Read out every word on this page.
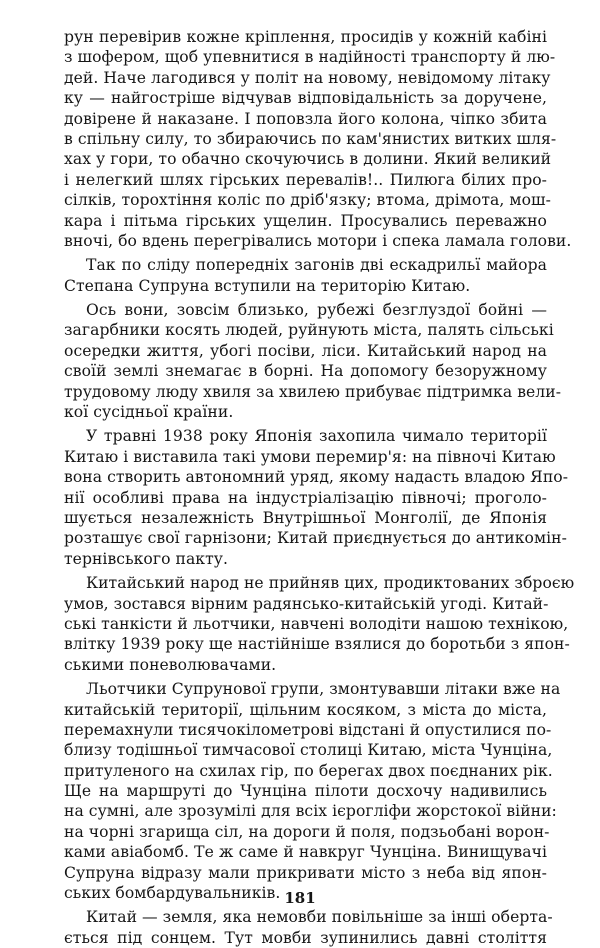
рун перевірив кожне кріплення, просидів у кожній кабіні
з шофером, щоб упевнитися в надійності транспорту й лю-
дей. Наче лагодився у політ на новому, невідомому літаку
ку — найгостріше відчував відповідальність за доручене,
довірене й наказане. І поповзла його колона, чіпко збита
в спільну силу, то збираючись по кам'янистих витких шля-
хах у гори, то обачно скочуючись в долини. Який великий
і нелегкий шлях гірських перевалів!.. Пилюга білих про-
сілків, торохтіння коліс по дріб'язку; втома, дрімота, мош-
кара і пітьма гірських ущелин. Просувались переважно
вночі, бо вдень перегрівались мотори і спека ламала голови.
Так по сліду попередніх загонів дві ескадрильї майора
Степана Супруна вступили на територію Китаю.
Ось вони, зовсім близько, рубежі безглуздої бойні —
загарбники косять людей, руйнують міста, палять сільські
осередки життя, убогі посіви, ліси. Китайський народ на
своїй землі знемагає в борні. На допомогу безоружному
трудовому люду хвиля за хвилею прибуває підтримка вели-
кої сусідньої країни.
У травні 1938 року Японія захопила чимало території
Китаю і виставила такі умови перемир'я: на півночі Китаю
вона створить автономний уряд, якому надасть владою Япо-
нії особливі права на індустріалізацію півночі; проголо-
шується незалежність Внутрішньої Монголії, де Японія
розташує свої гарнізони; Китай приєднується до антикомін-
тернівського пакту.
Китайський народ не прийняв цих, продиктованих зброєю
умов, зостався вірним радянсько-китайській угоді. Китай-
ські танкісти й льотчики, навчені володіти нашою технікою,
влітку 1939 року ще настійніше взялися до боротьби з япон-
ськими поневолювачами.
Льотчики Супрунової групи, змонтувавши літаки вже на
китайській території, щільним косяком, з міста до міста,
перемахнули тисячокілометрові відстані й опустилися по-
близу тодішньої тимчасової столиці Китаю, міста Чунціна,
притуленого на схилах гір, по берегах двох поєднаних рік.
Ще на маршруті до Чунціна пілоти досхочу надивились
на сумні, але зрозумілі для всіх ієрогліфи жорстокої війни:
на чорні згарища сіл, на дороги й поля, подзьобані ворон-
ками авіабомб. Те ж саме й навкруг Чунціна. Винищувачі
Супруна відразу мали прикривати місто з неба від япон-
ських бомбардувальників.
Китай — земля, яка немовби повільніше за інші оберта-
ється під сонцем. Тут мовби зупинились давні століття
181
